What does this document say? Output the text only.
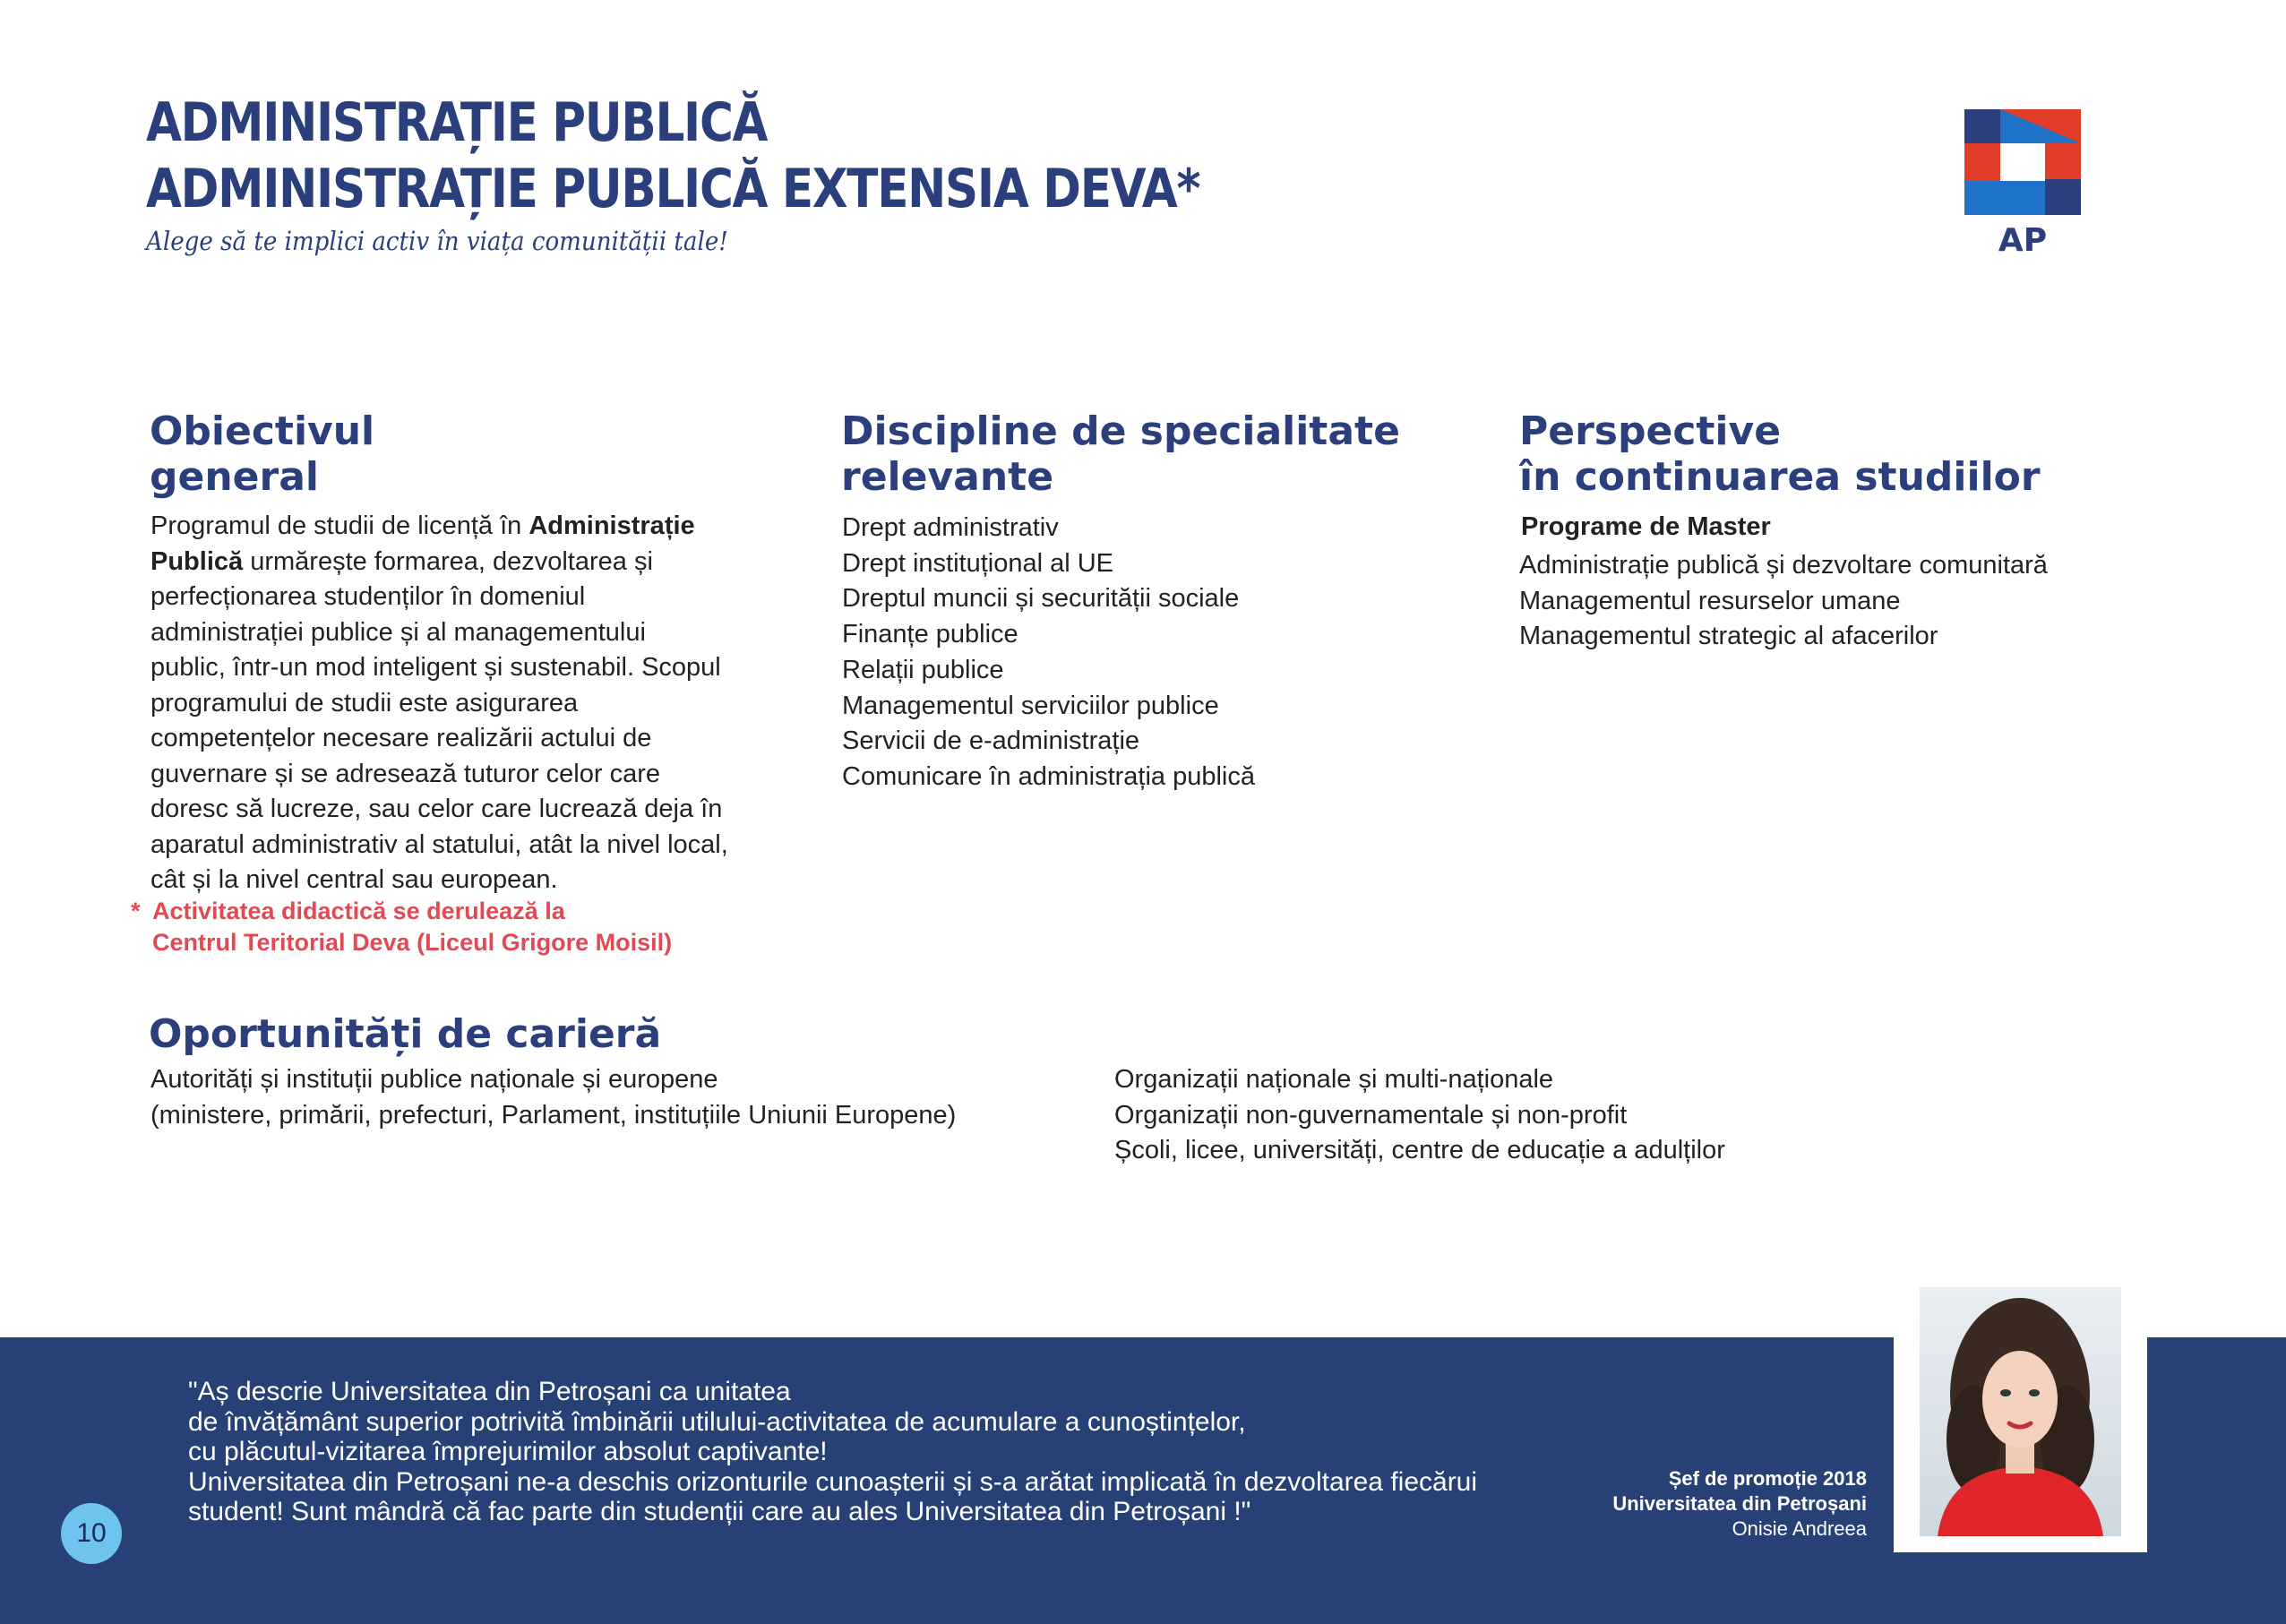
ADMINISTRAȚIE PUBLICĂ
ADMINISTRAȚIE PUBLICĂ EXTENSIA DEVA*
Alege să te implici activ în viața comunității tale!	AP
Obiectivul
general
Programul de studii de licență în Administrație
Publică urmărește formarea, dezvoltarea și
perfecționarea studenților în domeniul
administrației publice și al managementului
public, într-un mod inteligent și sustenabil. Scopul
programului de studii este asigurarea
competențelor necesare realizării actului de
guvernare și se adresează tuturor celor care
doresc să lucreze, sau celor care lucrează deja în
aparatul administrativ al statului, atât la nivel local,
cât și la nivel central sau european.
* Activitatea didactică se derulează la
Centrul Teritorial Deva (Liceul Grigore Moisil)
Discipline de specialitate
relevante
Drept administrativ
Drept instituțional al UE
Dreptul muncii și securității sociale
Finanțe publice
Relații publice
Managementul serviciilor publice
Servicii de e-administrație
Comunicare în administrația publică
Perspective
în continuarea studiilor
Programe de Master
Administrație publică și dezvoltare comunitară
Managementul resurselor umane
Managementul strategic al afacerilor
Oportunități de carieră
Autorități și instituții publice naționale și europene
(ministere, primării, prefecturi, Parlament, instituțiile Uniunii Europene)
Organizații naționale și multi-naționale
Organizații non-guvernamentale și non-profit
Școli, licee, universități, centre de educație a adulților
"Aș descrie Universitatea din Petroșani ca unitatea
de învățământ superior potrivită îmbinării utilului-activitatea de acumulare a cunoștințelor,
cu plăcutul-vizitarea împrejurimilor absolut captivante!
Universitatea din Petroșani ne-a deschis orizonturile cunoașterii și s-a arătat implicată în dezvoltarea fiecărui
student! Sunt mândră că fac parte din studenții care au ales Universitatea din Petroșani !"
Șef de promoție 2018
Universitatea din Petroșani
Onisie Andreea
10
